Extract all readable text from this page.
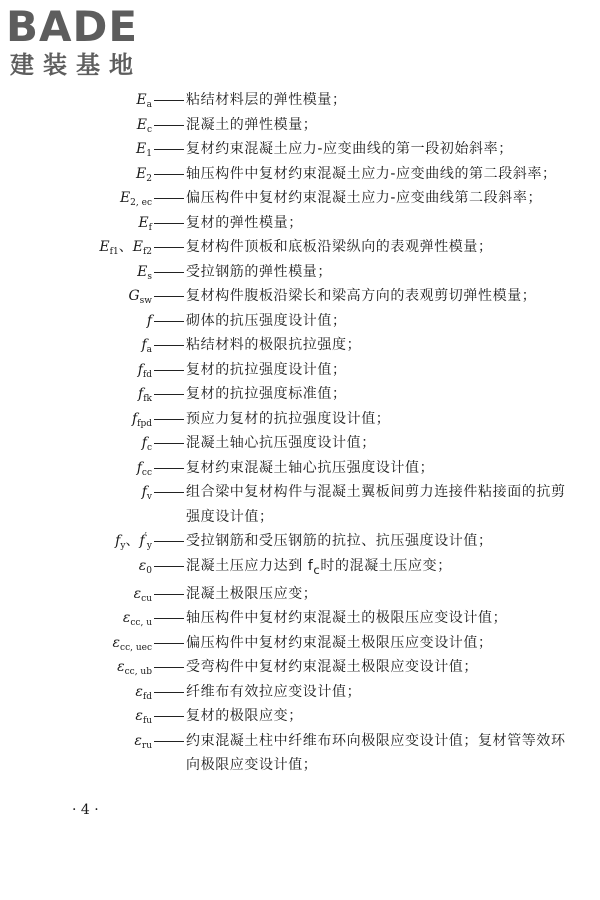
BADE
建装基地
$E_a$ 粘结材料层的弹性模量；
$E_c$ 混凝土的弹性模量；
$E_1$ 复材约束混凝土应力-应变曲线的第一段初始斜率；
$E_2$ 轴压构件中复材约束混凝土应力-应变曲线的第二段斜率；
$E_{2, ec}$ 偏压构件中复材约束混凝土应力-应变曲线第二段斜率；
$E_f$ 复材的弹性模量；
$E_{f1}$、$E_{f2}$ 复材构件顶板和底板沿梁纵向的表观弹性模量；
$E_s$ 受拉钢筋的弹性模量；
$G_{sw}$ 复材构件腹板沿梁长和梁高方向的表观剪切弹性模量；
f 砌体的抗压强度设计值；
$f_a$ 粘结材料的极限抗拉强度；
$f_{fd}$ 复材的抗拉强度设计值；
$f_{fk}$ 复材的抗拉强度标准值；
$f_{fpd}$ 预应力复材的抗拉强度设计值；
$f_c$ 混凝土轴心抗压强度设计值；
$f_{cc}$ 复材约束混凝土轴心抗压强度设计值；
$f_v$ 组合梁中复材构件与混凝土翼板间剪力连接件粘接面的抗剪强度设计值；
$f_y$、$f'_y$ 受拉钢筋和受压钢筋的抗拉、抗压强度设计值；
$\varepsilon_0$ 混凝土压应力达到 $f_c$时的混凝土压应变；
$\varepsilon_{cu}$ 混凝土极限压应变；
$\varepsilon_{cc, u}$ 轴压构件中复材约束混凝土的极限压应变设计值；
$\varepsilon_{cc, uec}$ 偏压构件中复材约束混凝土极限压应变设计值；
$\varepsilon_{cc, ub}$ 受弯构件中复材约束混凝土极限应变设计值；
$\varepsilon_{fd}$ 纤维布有效拉应变设计值；
$\varepsilon_{fu}$ 复材的极限应变；
$\varepsilon_{ru}$ 约束混凝土柱中纤维布环向极限应变设计值；复材管等效环向极限应变设计值；
· 4 ·
